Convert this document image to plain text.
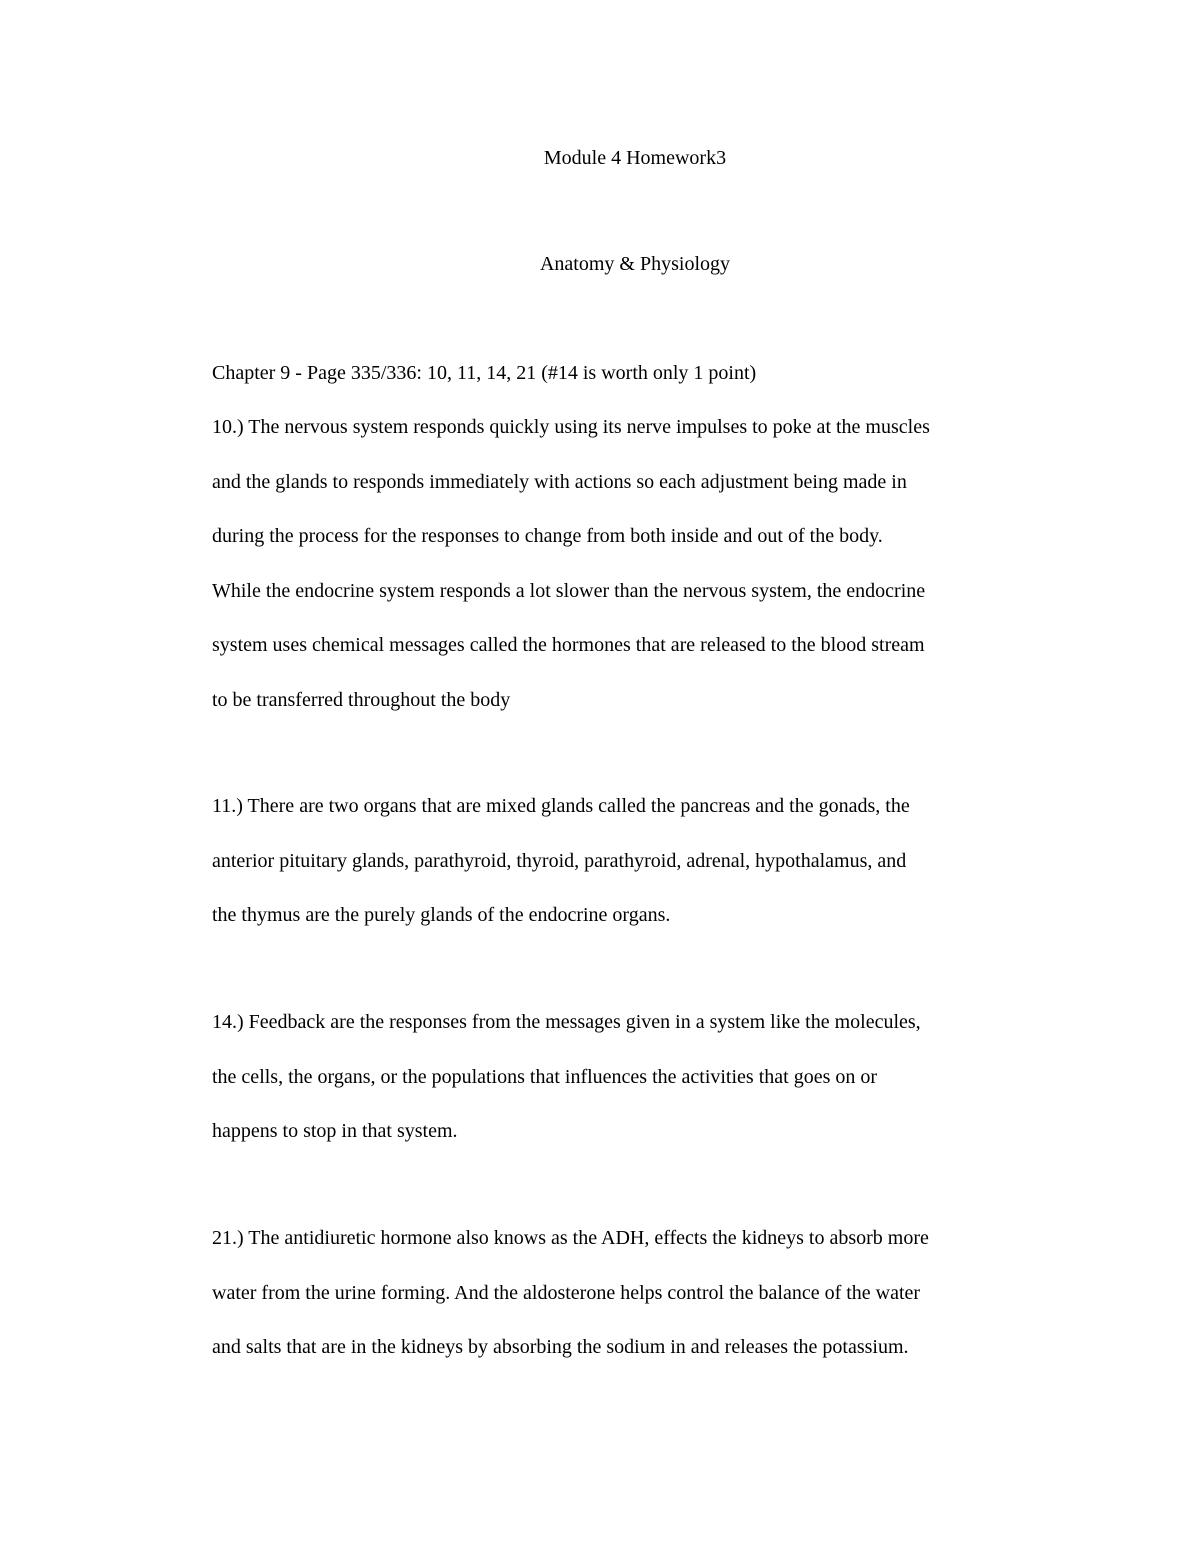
Module 4 Homework3
Anatomy & Physiology
Chapter 9 - Page 335/336: 10, 11, 14, 21 (#14 is worth only 1 point)
10.) The nervous system responds quickly using its nerve impulses to poke at the muscles
and the glands to responds immediately with actions so each adjustment being made in
during the process for the responses to change from both inside and out of the body.
While the endocrine system responds a lot slower than the nervous system, the endocrine
system uses chemical messages called the hormones that are released to the blood stream
to be transferred throughout the body
11.) There are two organs that are mixed glands called the pancreas and the gonads, the
anterior pituitary glands, parathyroid, thyroid, parathyroid, adrenal, hypothalamus, and
the thymus are the purely glands of the endocrine organs.
14.) Feedback are the responses from the messages given in a system like the molecules,
the cells, the organs, or the populations that influences the activities that goes on or
happens to stop in that system.
21.) The antidiuretic hormone also knows as the ADH, effects the kidneys to absorb more
water from the urine forming. And the aldosterone helps control the balance of the water
and salts that are in the kidneys by absorbing the sodium in and releases the potassium.
